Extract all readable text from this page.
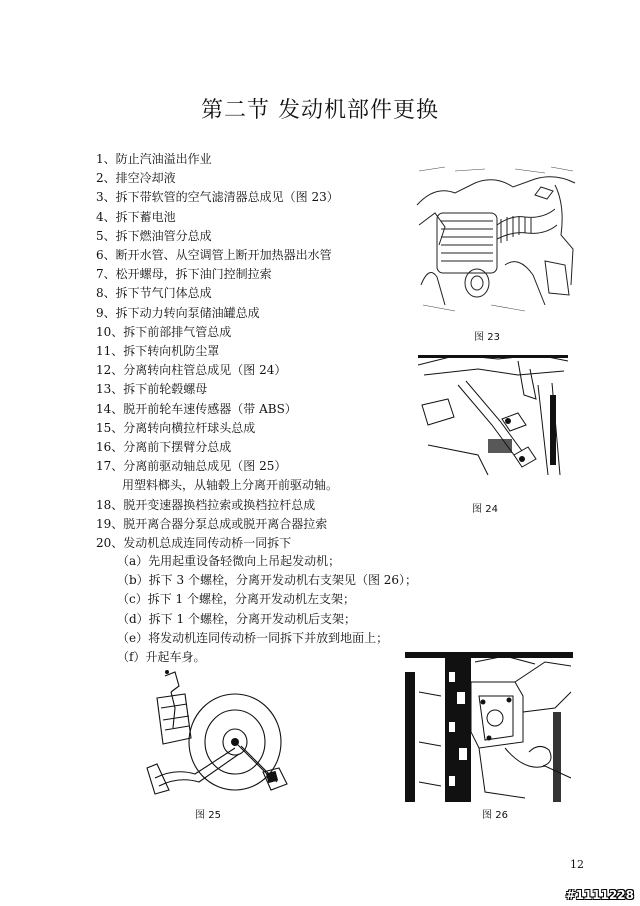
第二节 发动机部件更换
1、防止汽油溢出作业
2、排空冷却液
3、拆下带软管的空气滤清器总成见（图 23）
4、拆下蓄电池
5、拆下燃油管分总成
6、断开水管、从空调管上断开加热器出水管
7、松开螺母，拆下油门控制拉索
8、拆下节气门体总成
9、拆下动力转向泵储油罐总成
10、拆下前部排气管总成
11、拆下转向机防尘罩
12、分离转向柱管总成见（图 24）
13、拆下前轮毂螺母
14、脱开前轮车速传感器（带 ABS）
15、分离转向横拉杆球头总成
16、分离前下摆臂分总成
17、分离前驱动轴总成见（图 25）
用塑料榔头，从轴毂上分离开前驱动轴。
18、脱开变速器换档拉索或换档拉杆总成
19、脱开离合器分泵总成或脱开离合器拉索
20、发动机总成连同传动桥一同拆下
（a）先用起重设备轻微向上吊起发动机；
（b）拆下 3 个螺栓，分离开发动机右支架见（图 26）；
（c）拆下 1 个螺栓，分离开发动机左支架；
（d）拆下 1 个螺栓，分离开发动机后支架；
（e）将发动机连同传动桥一同拆下并放到地面上；
（f）升起车身。
图 23
图 24
图 25	图 26
12
#1111228
